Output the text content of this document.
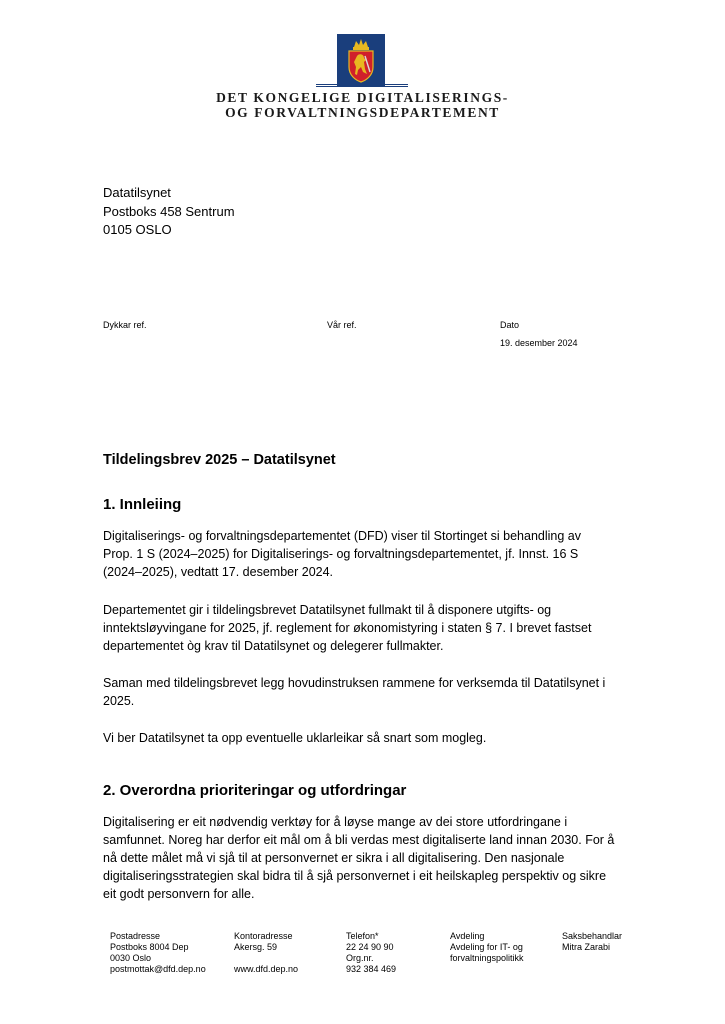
DET KONGELIGE DIGITALISERINGS-
OG FORVALTNINGSDEPARTEMENT
Datatilsynet
Postboks 458 Sentrum
0105 OSLO
Dykkar ref.	Vår ref.	Dato
19. desember 2024
Tildelingsbrev 2025 – Datatilsynet
1. Innleiing
Digitaliserings- og forvaltningsdepartementet (DFD) viser til Stortinget si behandling av
Prop. 1 S (2024–2025) for Digitaliserings- og forvaltningsdepartementet, jf. Innst. 16 S
(2024–2025), vedtatt 17. desember 2024.
Departementet gir i tildelingsbrevet Datatilsynet fullmakt til å disponere utgifts- og
inntektsløyvingane for 2025, jf. reglement for økonomistyring i staten § 7. I brevet fastset
departementet òg krav til Datatilsynet og delegerer fullmakter.
Saman med tildelingsbrevet legg hovudinstruksen rammene for verksemda til Datatilsynet i
2025.
Vi ber Datatilsynet ta opp eventuelle uklarleikar så snart som mogleg.
2. Overordna prioriteringar og utfordringar
Digitalisering er eit nødvendig verktøy for å løyse mange av dei store utfordringane i
samfunnet. Noreg har derfor eit mål om å bli verdas mest digitaliserte land innan 2030. For å
nå dette målet må vi sjå til at personvernet er sikra i all digitalisering. Den nasjonale
digitaliseringsstrategien skal bidra til å sjå personvernet i eit heilskapleg perspektiv og sikre
eit godt personvern for alle.
Postadresse
Postboks 8004 Dep
0030 Oslo
postmottak@dfd.dep.no
Kontoradresse
Akersg. 59
www.dfd.dep.no
Telefon*
22 24 90 90
Org.nr.
932 384 469
Avdeling
Avdeling for IT- og
forvaltningspolitikk
Saksbehandlar
Mitra Zarabi
